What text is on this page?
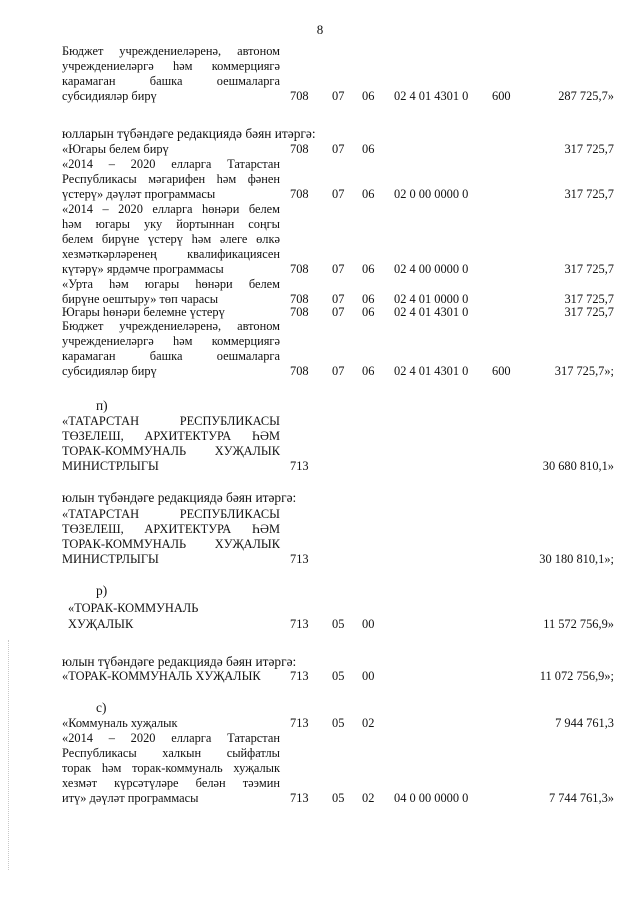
8
Бюджет учреждениеләренә, автоном
учреждениеләргә һәм коммерциягә
карамаган башка оешмаларга
субсидияләр бирү	708 07 06 02 4 01 4301 0 600	287 725,7»
юлларын түбәндәге редакциядә бәян итәргә:
«Югары белем бирү	708 07 06	317 725,7
«2014 – 2020 елларга Татарстан
Республикасы мәгарифен һәм фәнен
үстерү» дәүләт программасы	708 07 06 02 0 00 0000 0	317 725,7
«2014 – 2020 елларга һөнәри белем
һәм югары уку йортыннан соңгы
белем бирүне үстерү һәм әлеге өлкә
хезмәткәрләренең квалификациясен
күтәрү» ярдәмче программасы	708 07 06 02 4 00 0000 0	317 725,7
«Урта һәм югары һөнәри белем
бирүне оештыру» төп чарасы	708 07 06 02 4 01 0000 0	317 725,7
Югары һөнәри белемне үстерү	708 07 06 02 4 01 4301 0	317 725,7
Бюджет учреждениеләренә, автоном
учреждениеләргә һәм коммерциягә
карамаган башка оешмаларга
субсидияләр бирү	708 07 06 02 4 01 4301 0 600	317 725,7»;
п)
«ТАТАРСТАН РЕСПУБЛИКАСЫ
ТӨЗЕЛЕШ, АРХИТЕКТУРА ҺӘМ
ТОРАК-КОММУНАЛЬ ХУҖАЛЫК
МИНИСТРЛЫГЫ	713	30 680 810,1»
юлын түбәндәге редакциядә бәян итәргә:
«ТАТАРСТАН РЕСПУБЛИКАСЫ
ТӨЗЕЛЕШ, АРХИТЕКТУРА ҺӘМ
ТОРАК-КОММУНАЛЬ ХУҖАЛЫК
МИНИСТРЛЫГЫ	713	30 180 810,1»;
р)
«ТОРАК-КОММУНАЛЬ
ХУҖАЛЫК	713 05 00	11 572 756,9»
юлын түбәндәге редакциядә бәян итәргә:
«ТОРАК-КОММУНАЛЬ ХУҖАЛЫК 713 05 00	11 072 756,9»;
с)
«Коммуналь хуҗалык	713 05 02	7 944 761,3
«2014 – 2020 елларга Татарстан
Республикасы халкын сыйфатлы
торак һәм торак-коммуналь хуҗалык
хезмәт күрсәтүләре белән тәэмин
итү» дәүләт программасы	713 05 02 04 0 00 0000 0	7 744 761,3»
